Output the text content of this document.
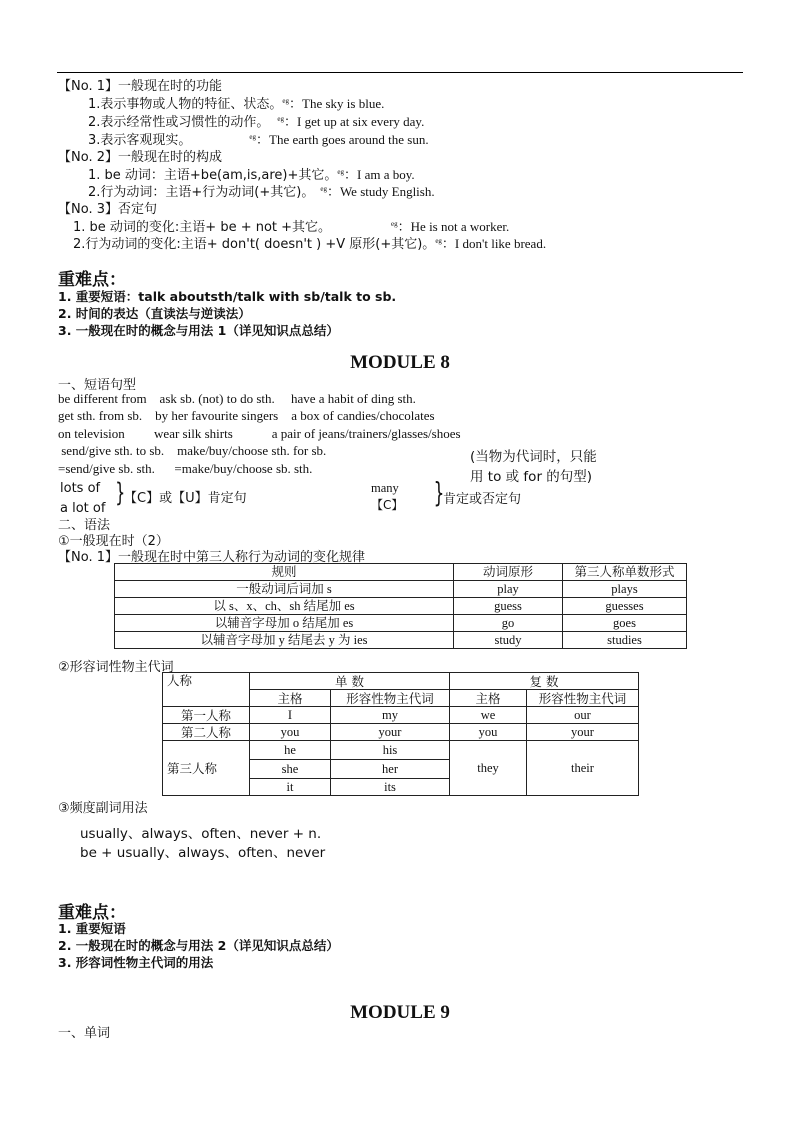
【No. 1】一般现在时的功能
1.表示事物或人物的特征、状态。$^{eg}$：The sky is blue.
2.表示经常性或习惯性的动作。 $^{eg}$：I get up at six every day.
3.表示客观现实。	$^{eg}$：The earth goes around the sun.
【No. 2】一般现在时的构成
1. be 动词：主语+be(am,is,are)+其它。$^{eg}$：I am a boy.
2.行为动词：主语+行为动词(+其它)。 $^{eg}$：We study English.
【No. 3】否定句
1. be 动词的变化:主语+ be + not +其它。	$^{eg}$：He is not a worker.
2.行为动词的变化:主语+ don't( doesn't ) +V 原形(+其它)。$^{eg}$：I don't like bread.
重难点：
1. 重要短语：talk aboutsth/talk with sb/talk to sb.
2. 时间的表达（直读法与逆读法）
3. 一般现在时的概念与用法 1（详见知识点总结）
MODULE 8
一、短语句型
be different from    ask sb. (not) to do sth.     have a habit of ding sth.
get sth. from sb.    by her favourite singers    a box of candies/chocolates
on television         wear silk shirts            a pair of jeans/trainers/glasses/shoes
send/give sth. to sb.    make/buy/choose sth. for sb.
=send/give sb. sth.      =make/buy/choose sb. sth.
(当物为代词时，只能
用 to 或 for 的句型)
lots of
a lot of
}
【C】或【U】肯定句
many
【C】 }
肯定或否定句
二、语法
①一般现在时（2）
【No. 1】一般现在时中第三人称行为动词的变化规律
规则	动词原形	第三人称单数形式
一般动词后词加 s	play	plays
以 s、x、ch、sh 结尾加 es	guess	guesses
以辅音字母加 o 结尾加 es	go	goes
以辅音字母加 y 结尾去 y 为 ies	study	studies
②形容词性物主代词
人称	单 数		复 数	
	主格	形容性物主代词	主格	形容性物主代词
第一人称	I	my	we	our
第二人称	you	your	you	your
第三人称	he	his	they	their
	she	her		
	it	its		
③频度副词用法
usually、always、often、never + n.
be + usually、always、often、never
重难点：
1. 重要短语
2. 一般现在时的概念与用法 2（详见知识点总结）
3. 形容词性物主代词的用法
MODULE 9
一、单词
